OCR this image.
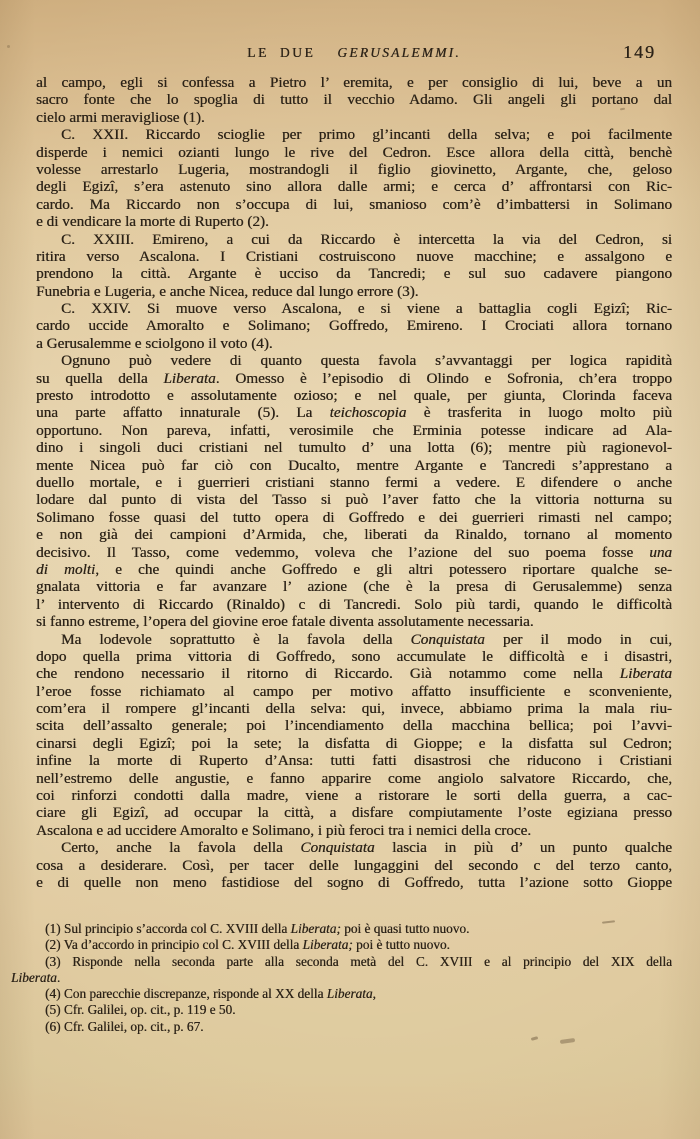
LE DUE GERUSALEMMI.	149
al campo, egli si confessa a Pietro l’ eremita, e per consiglio di lui, beve a un
sacro fonte che lo spoglia di tutto il vecchio Adamo. Gli angeli gli portano dal
cielo armi meravigliose (1).
C. XXII. Riccardo scioglie per primo gl’incanti della selva; e poi facilmente
disperde i nemici ozianti lungo le rive del Cedron. Esce allora della città, benchè
volesse arrestarlo Lugeria, mostrandogli il figlio giovinetto, Argante, che, geloso
degli Egizî, s’era astenuto sino allora dalle armi; e cerca d’ affrontarsi con Ric-
cardo. Ma Riccardo non s’occupa di lui, smanioso com’è d’imbattersi in Solimano
e di vendicare la morte di Ruperto (2).
C. XXIII. Emireno, a cui da Riccardo è intercetta la via del Cedron, si
ritira verso Ascalona. I Cristiani costruiscono nuove macchine; e assalgono e
prendono la città. Argante è ucciso da Tancredi; e sul suo cadavere piangono
Funebria e Lugeria, e anche Nicea, reduce dal lungo errore (3).
C. XXIV. Si muove verso Ascalona, e si viene a battaglia cogli Egizî; Ric-
cardo uccide Amoralto e Solimano; Goffredo, Emireno. I Crociati allora tornano
a Gerusalemme e sciolgono il voto (4).
Ognuno può vedere di quanto questa favola s’avvantaggi per logica rapidità
su quella della Liberata. Omesso è l’episodio di Olindo e Sofronia, ch’era troppo
presto introdotto e assolutamente ozioso; e nel quale, per giunta, Clorinda faceva
una parte affatto innaturale (5). La teichoscopia è trasferita in luogo molto più
opportuno. Non pareva, infatti, verosimile che Erminia potesse indicare ad Ala-
dino i singoli duci cristiani nel tumulto d’ una lotta (6); mentre più ragionevol-
mente Nicea può far ciò con Ducalto, mentre Argante e Tancredi s’apprestano a
duello mortale, e i guerrieri cristiani stanno fermi a vedere. E difendere o anche
lodare dal punto di vista del Tasso si può l’aver fatto che la vittoria notturna su
Solimano fosse quasi del tutto opera di Goffredo e dei guerrieri rimasti nel campo;
e non già dei campioni d’Armida, che, liberati da Rinaldo, tornano al momento
decisivo. Il Tasso, come vedemmo, voleva che l’azione del suo poema fosse una
di molti, e che quindi anche Goffredo e gli altri potessero riportare qualche se-
gnalata vittoria e far avanzare l’ azione (che è la presa di Gerusalemme) senza
l’ intervento di Riccardo (Rinaldo) c di Tancredi. Solo più tardi, quando le difficoltà
si fanno estreme, l’opera del giovine eroe fatale diventa assolutamente necessaria.
Ma lodevole soprattutto è la favola della Conquistata per il modo in cui,
dopo quella prima vittoria di Goffredo, sono accumulate le difficoltà e i disastri,
che rendono necessario il ritorno di Riccardo. Già notammo come nella Liberata
l’eroe fosse richiamato al campo per motivo affatto insufficiente e sconveniente,
com’era il rompere gl’incanti della selva: qui, invece, abbiamo prima la mala riu-
scita dell’assalto generale; poi l’incendiamento della macchina bellica; poi l’avvi-
cinarsi degli Egizî; poi la sete; la disfatta di Gioppe; e la disfatta sul Cedron;
infine la morte di Ruperto d’Ansa: tutti fatti disastrosi che riducono i Cristiani
nell’estremo delle angustie, e fanno apparire come angiolo salvatore Riccardo, che,
coi rinforzi condotti dalla madre, viene a ristorare le sorti della guerra, a cac-
ciare gli Egizî, ad occupar la città, a disfare compiutamente l’oste egiziana presso
Ascalona e ad uccidere Amoralto e Solimano, i più feroci tra i nemici della croce.
Certo, anche la favola della Conquistata lascia in più d’ un punto qualche
cosa a desiderare. Così, per tacer delle lungaggini del secondo c del terzo canto,
e di quelle non meno fastidiose del sogno di Goffredo, tutta l’azione sotto Gioppe
(1) Sul principio s’accorda col C. XVIII della Liberata; poi è quasi tutto nuovo.
(2) Va d’accordo in principio col C. XVIII della Liberata; poi è tutto nuovo.
(3) Risponde nella seconda parte alla seconda metà del C. XVIII e al principio del XIX della
Liberata.
(4) Con parecchie discrepanze, risponde al XX della Liberata,
(5) Cfr. Galilei, op. cit., p. 119 e 50.
(6) Cfr. Galilei, op. cit., p. 67.
